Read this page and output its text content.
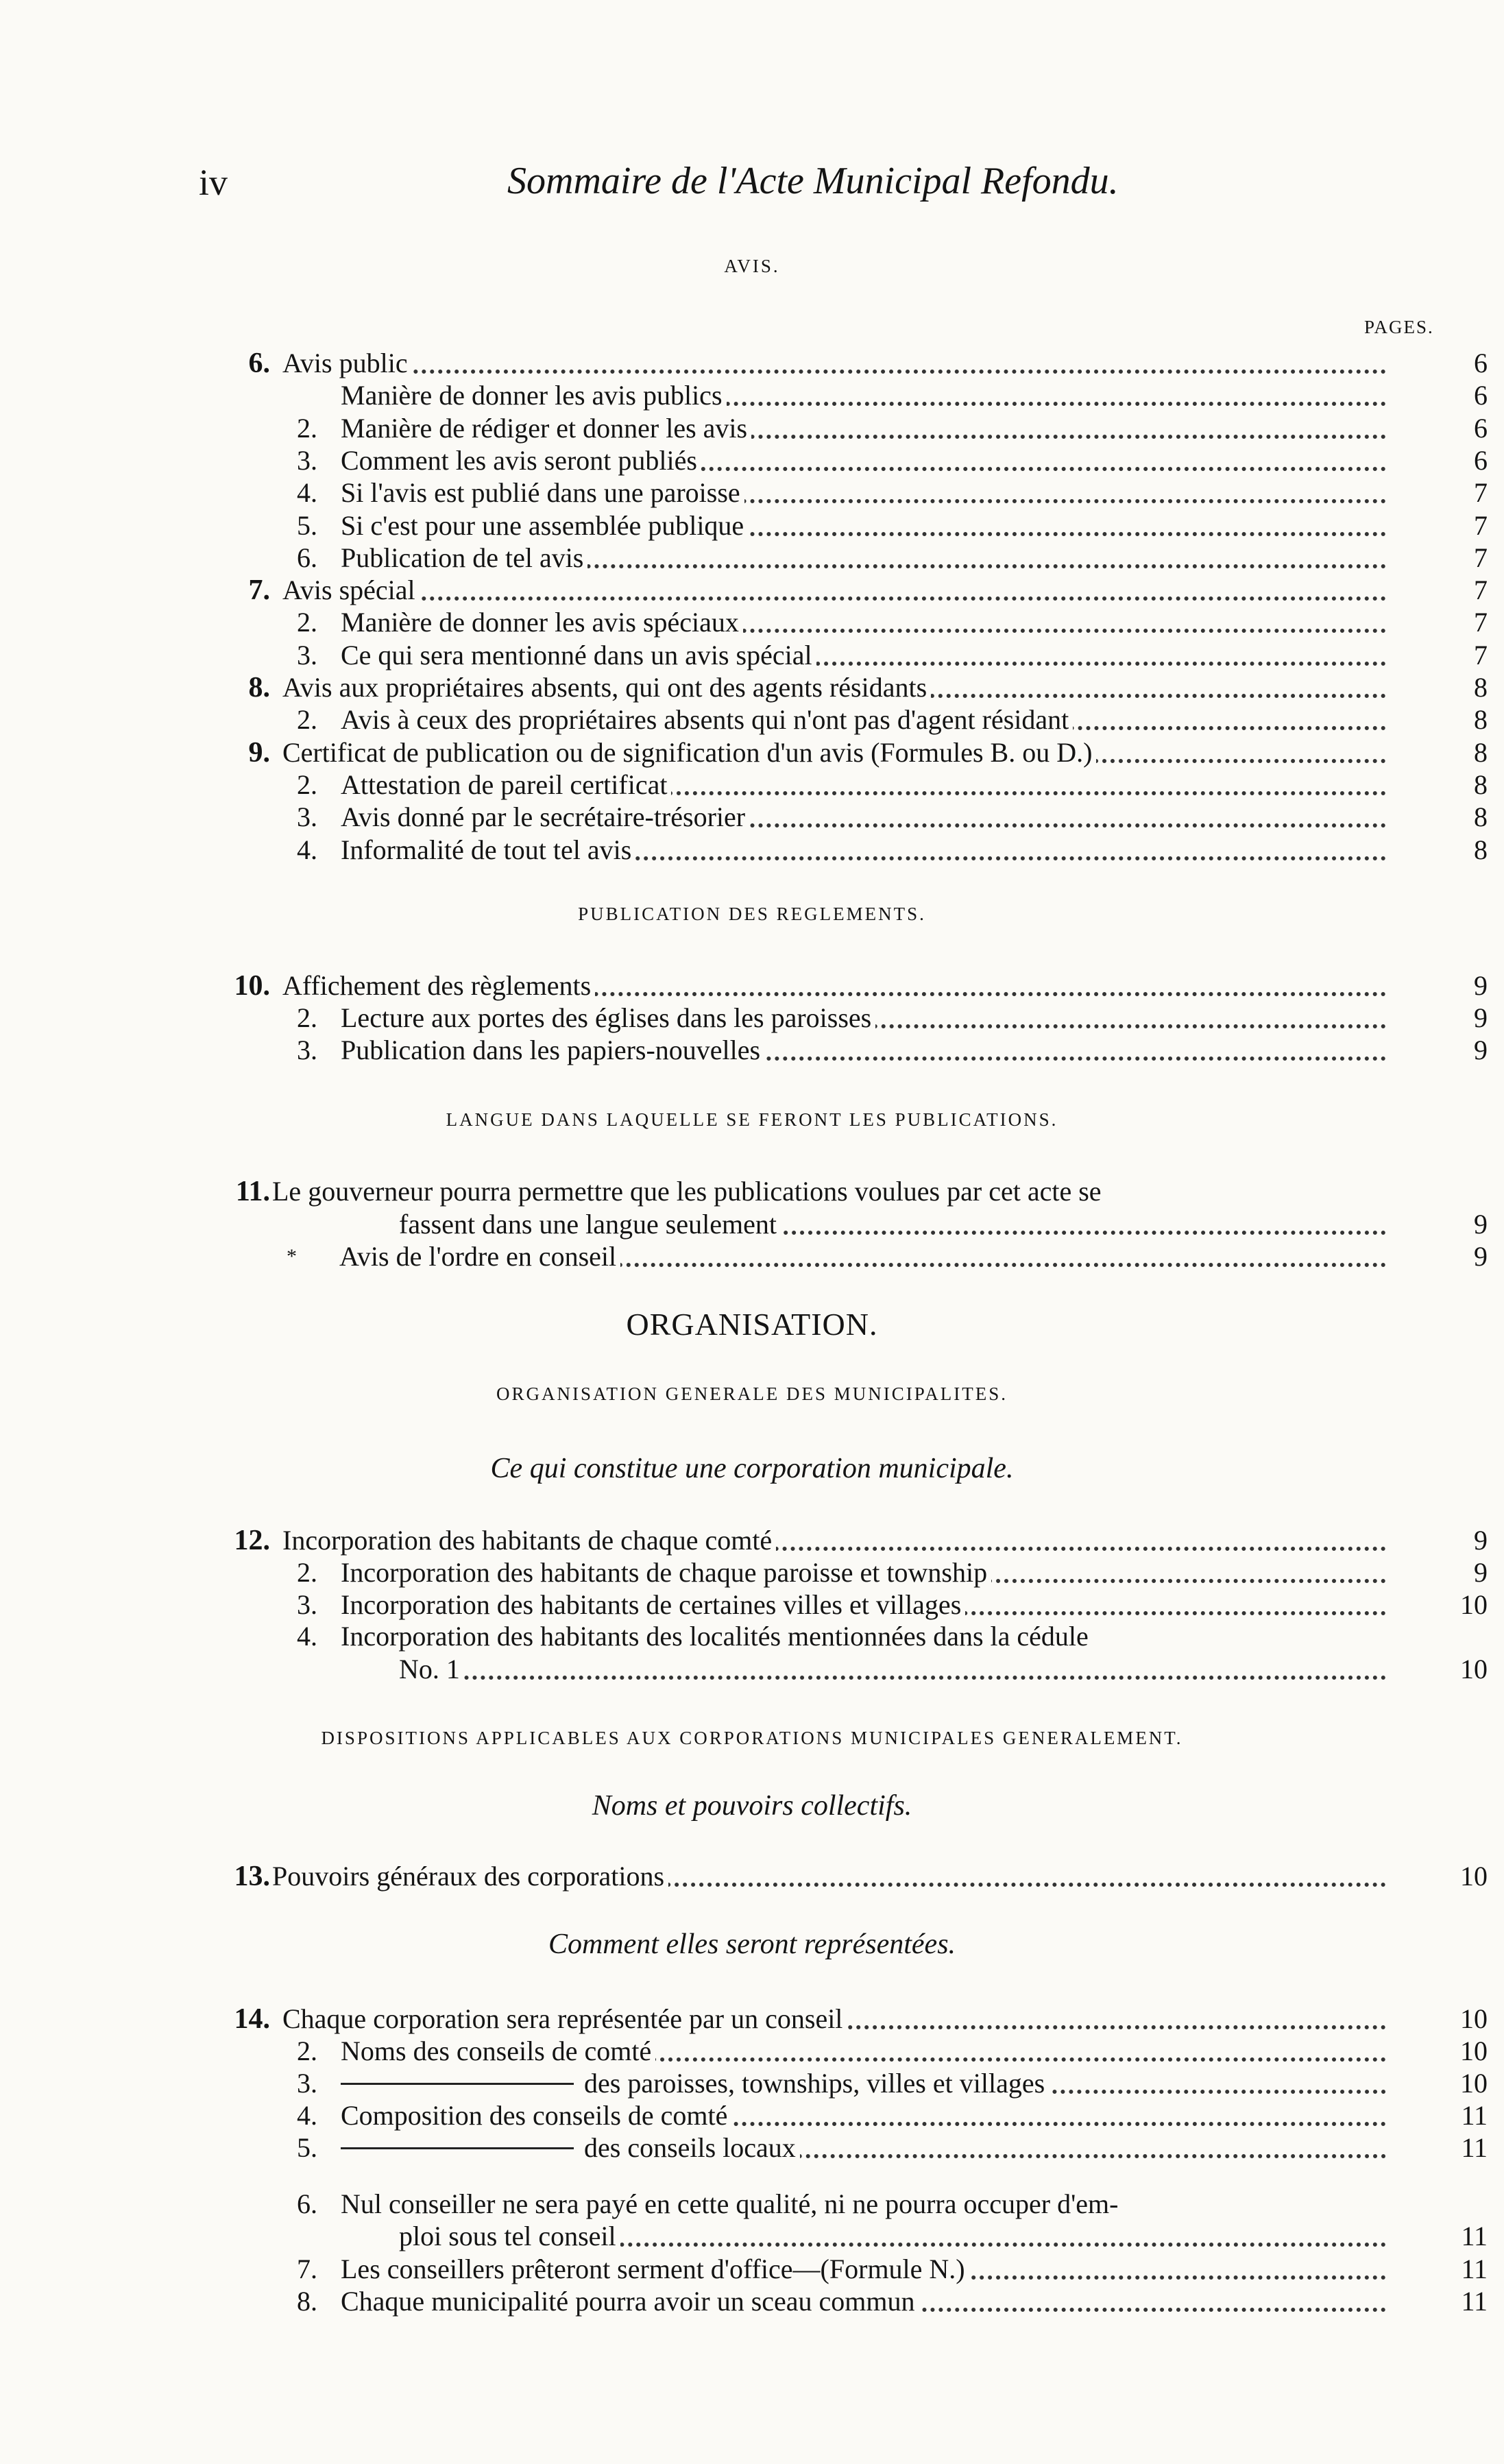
iv	Sommaire de l'Acte Municipal Refondu.
AVIS.
PAGES.
6. Avis public	6
Manière de donner les avis publics	6
2. Manière de rédiger et donner les avis	6
3. Comment les avis seront publiés	6
4. Si l'avis est publié dans une paroisse	7
5. Si c'est pour une assemblée publique	7
6. Publication de tel avis	7
7. Avis spécial	7
2. Manière de donner les avis spéciaux	7
3. Ce qui sera mentionné dans un avis spécial	7
8. Avis aux propriétaires absents, qui ont des agents résidants	8
2. Avis à ceux des propriétaires absents qui n'ont pas d'agent résidant	8
9. Certificat de publication ou de signification d'un avis (Formules B. ou D.)	8
2. Attestation de pareil certificat	8
3. Avis donné par le secrétaire-trésorier	8
4. Informalité de tout tel avis	8
PUBLICATION DES REGLEMENTS.
10. Affichement des règlements	9
2. Lecture aux portes des églises dans les paroisses	9
3. Publication dans les papiers-nouvelles	9
LANGUE DANS LAQUELLE SE FERONT LES PUBLICATIONS.
11. Le gouverneur pourra permettre que les publications voulues par cet acte se
fassent dans une langue seulement	9
* Avis de l'ordre en conseil	9
ORGANISATION.
ORGANISATION GENERALE DES MUNICIPALITES.
Ce qui constitue une corporation municipale.
12. Incorporation des habitants de chaque comté	9
2. Incorporation des habitants de chaque paroisse et township	9
3. Incorporation des habitants de certaines villes et villages	10
4. Incorporation des habitants des localités mentionnées dans la cédule
No. 1	10
DISPOSITIONS APPLICABLES AUX CORPORATIONS MUNICIPALES GENERALEMENT.
Noms et pouvoirs collectifs.
13. Pouvoirs généraux des corporations	10
Comment elles seront représentées.
14. Chaque corporation sera représentée par un conseil	10
2. Noms des conseils de comté	10
3.	des paroisses, townships, villes et villages	10
4. Composition des conseils de comté	11
5.	des conseils locaux	11
6. Nul conseiller ne sera payé en cette qualité, ni ne pourra occuper d'em-
ploi sous tel conseil	11
7. Les conseillers prêteront serment d'office—(Formule N.)	11
8. Chaque municipalité pourra avoir un sceau commun	11
